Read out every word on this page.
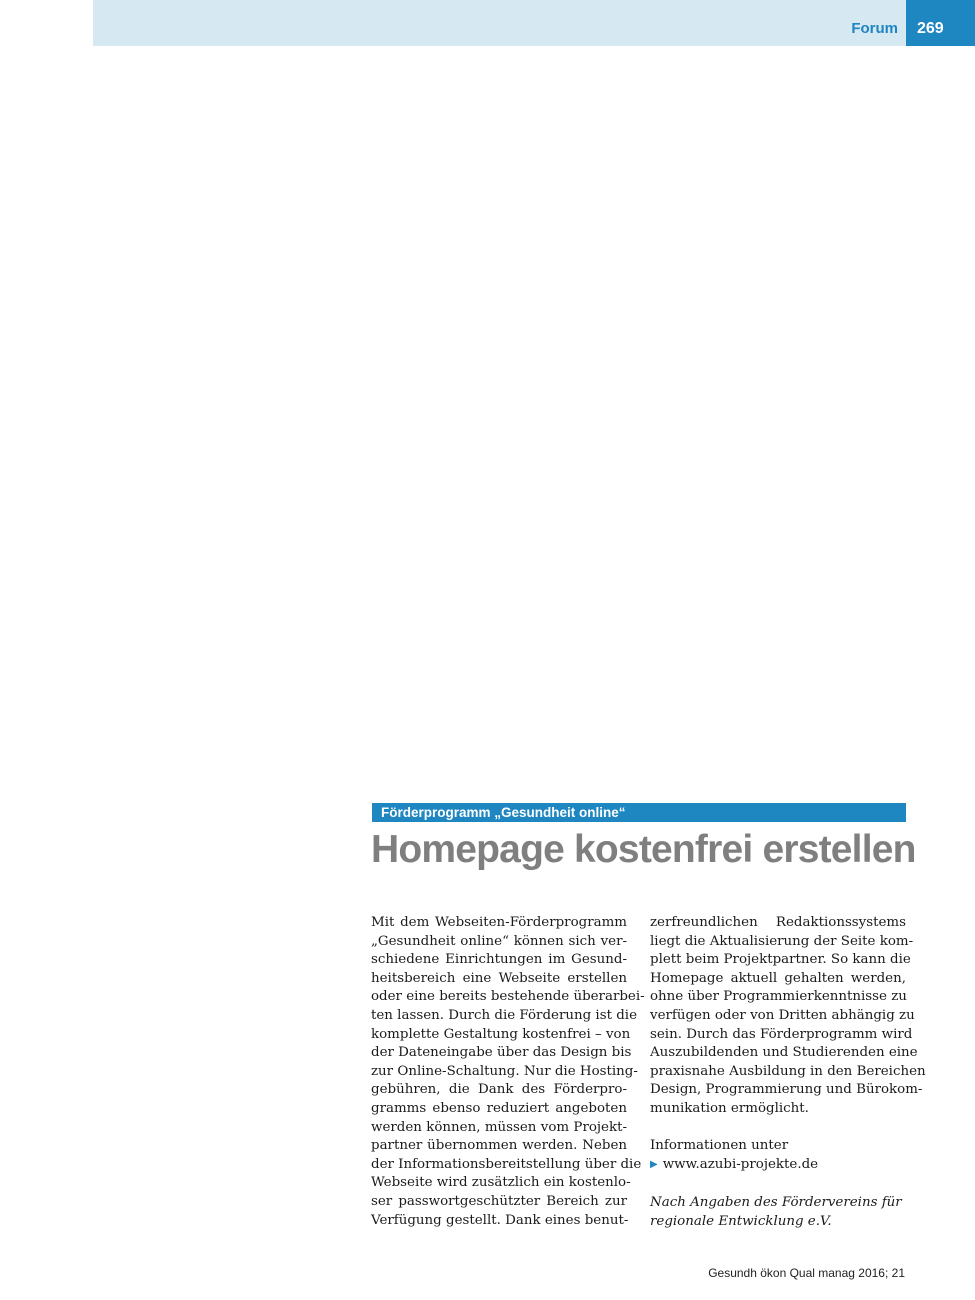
Forum 269
Förderprogramm „Gesundheit online“
Homepage kostenfrei erstellen
Mit dem Webseiten-Förderprogramm
„Gesundheit online“ können sich ver-
schiedene Einrichtungen im Gesund-
heitsbereich eine Webseite erstellen
oder eine bereits bestehende überarbei-
ten lassen. Durch die Förderung ist die
komplette Gestaltung kostenfrei – von
der Dateneingabe über das Design bis
zur Online-Schaltung. Nur die Hosting-
gebühren, die Dank des Förderpro-
gramms ebenso reduziert angeboten
werden können, müssen vom Projekt-
partner übernommen werden. Neben
der Informationsbereitstellung über die
Webseite wird zusätzlich ein kostenlo-
ser passwortgeschützter Bereich zur
Verfügung gestellt. Dank eines benut-
zerfreundlichen Redaktionssystems
liegt die Aktualisierung der Seite kom-
plett beim Projektpartner. So kann die
Homepage aktuell gehalten werden,
ohne über Programmierkenntnisse zu
verfügen oder von Dritten abhängig zu
sein. Durch das Förderprogramm wird
Auszubildenden und Studierenden eine
praxisnahe Ausbildung in den Bereichen
Design, Programmierung und Bürokom-
munikation ermöglicht.
Informationen unter
▶ www.azubi-projekte.de
Nach Angaben des Fördervereins für
regionale Entwicklung e.V.
Gesundh ökon Qual manag 2016; 21
